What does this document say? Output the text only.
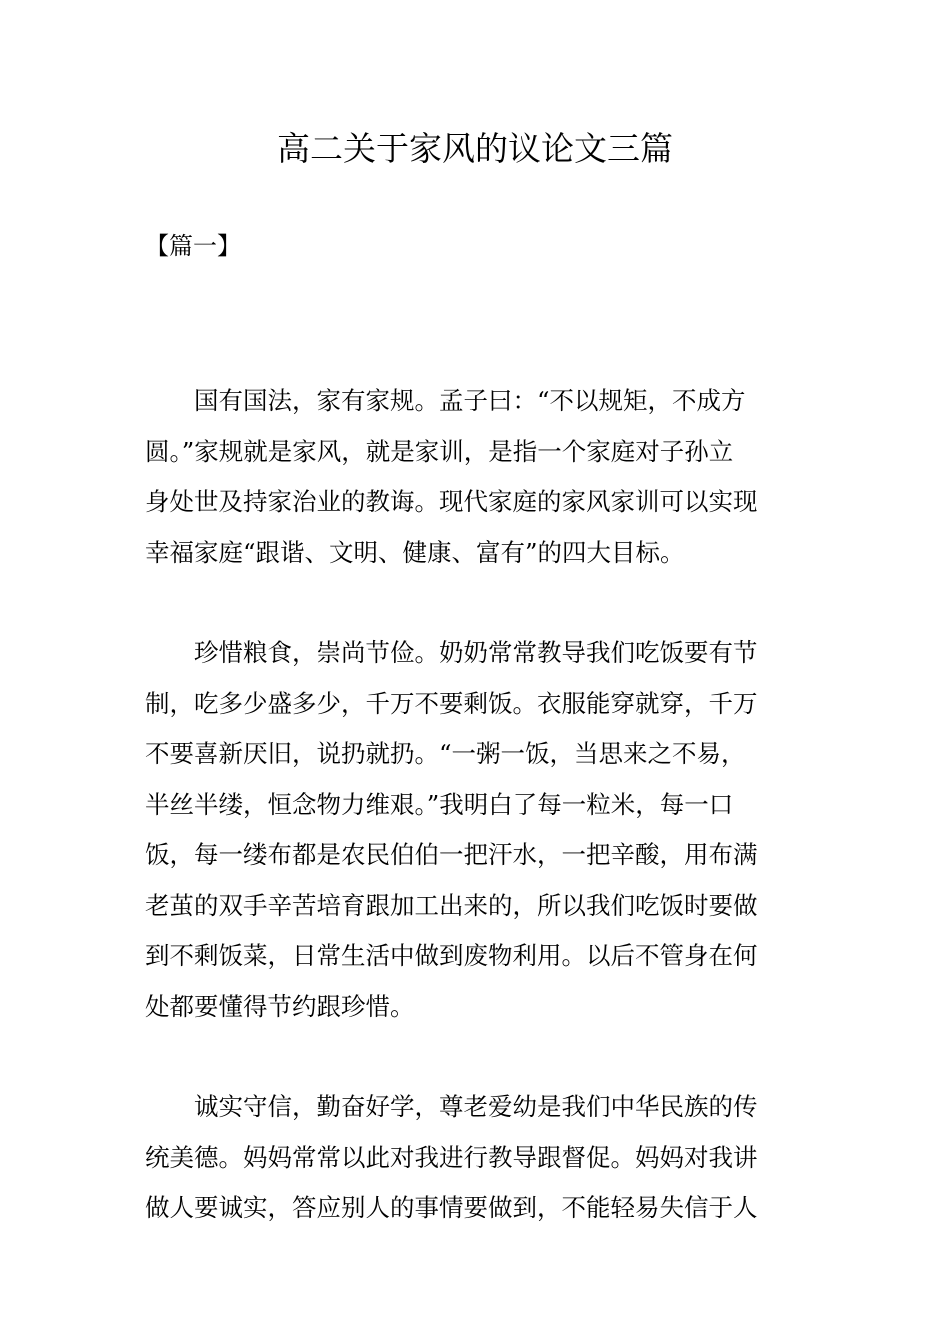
高二关于家风的议论文三篇
【篇一】

国有国法，家有家规。孟子曰：“不以规矩，不成方
圆。”家规就是家风，就是家训，是指一个家庭对子孙立
身处世及持家治业的教诲。现代家庭的家风家训可以实现
幸福家庭“跟谐、文明、健康、富有”的四大目标。

珍惜粮食，崇尚节俭。奶奶常常教导我们吃饭要有节
制，吃多少盛多少，千万不要剩饭。衣服能穿就穿，千万
不要喜新厌旧，说扔就扔。“一粥一饭，当思来之不易，
半丝半缕，恒念物力维艰。”我明白了每一粒米，每一口
饭，每一缕布都是农民伯伯一把汗水，一把辛酸，用布满
老茧的双手辛苦培育跟加工出来的，所以我们吃饭时要做
到不剩饭菜，日常生活中做到废物利用。以后不管身在何
处都要懂得节约跟珍惜。

诚实守信，勤奋好学，尊老爱幼是我们中华民族的传
统美德。妈妈常常以此对我进行教导跟督促。妈妈对我讲
做人要诚实，答应别人的事情要做到，不能轻易失信于人
